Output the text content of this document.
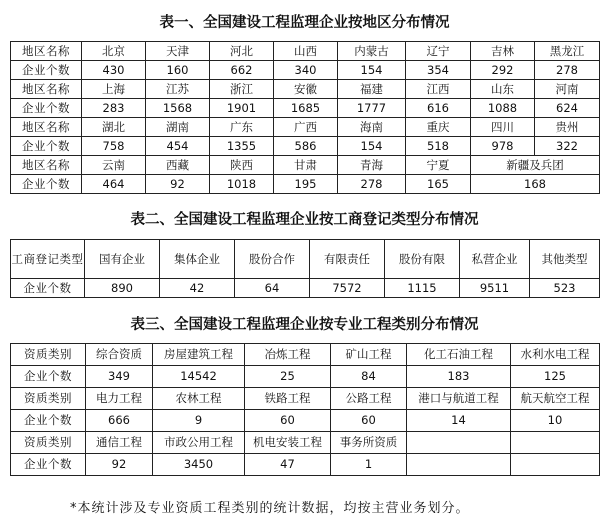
表一、全国建设工程监理企业按地区分布情况
地区名称	北京	天津	河北	山西	内蒙古	辽宁	吉林	黑龙江
企业个数	430	160	662	340	154	354	292	278
地区名称	上海	江苏	浙江	安徽	福建	江西	山东	河南
企业个数	283	1568	1901	1685	1777	616	1088	624
地区名称	湖北	湖南	广东	广西	海南	重庆	四川	贵州
企业个数	758	454	1355	586	154	518	978	322
地区名称	云南	西藏	陕西	甘肃	青海	宁夏	新疆及兵团	
企业个数	464	92	1018	195	278	165	168	
表二、全国建设工程监理企业按工商登记类型分布情况
工商登记类型	国有企业	集体企业	股份合作	有限责任	股份有限	私营企业	其他类型
企业个数	890	42	64	7572	1115	9511	523
表三、全国建设工程监理企业按专业工程类别分布情况
资质类别	综合资质	房屋建筑工程	冶炼工程	矿山工程	化工石油工程	水利水电工程
企业个数	349	14542	25	84	183	125
资质类别	电力工程	农林工程	铁路工程	公路工程	港口与航道工程	航天航空工程
企业个数	666	9	60	60	14	10
资质类别	通信工程	市政公用工程	机电安装工程	事务所资质		
企业个数	92	3450	47	1		
*本统计涉及专业资质工程类别的统计数据，均按主营业务划分。
